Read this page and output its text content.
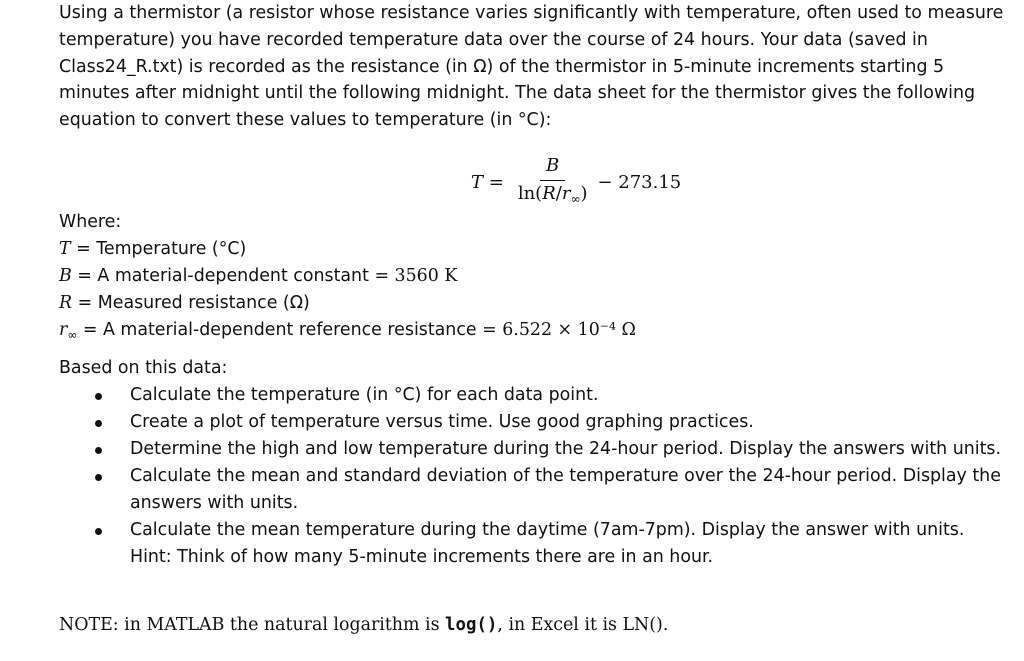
Using a thermistor (a resistor whose resistance varies significantly with temperature, often used to measure temperature) you have recorded temperature data over the course of 24 hours. Your data (saved in Class24_R.txt) is recorded as the resistance (in Ω) of the thermistor in 5-minute increments starting 5 minutes after midnight until the following midnight. The data sheet for the thermistor gives the following equation to convert these values to temperature (in °C):

$T = \frac{B}{\ln(R/r_\infty)} - 273.15$
Where:
T = Temperature (°C)
B = A material-dependent constant = 3560 K
R = Measured resistance (Ω)
$r_\infty = A$ material-dependent reference resistance = 6.522 × 10⁻⁴ Ω
Based on this data:
Calculate the temperature (in °C) for each data point.
Create a plot of temperature versus time. Use good graphing practices.
Determine the high and low temperature during the 24-hour period. Display the answers with units.
Calculate the mean and standard deviation of the temperature over the 24-hour period. Display the answers with units.
Calculate the mean temperature during the daytime (7am-7pm). Display the answer with units. Hint: Think of how many 5-minute increments there are in an hour.
NOTE: in MATLAB the natural logarithm is log(), in Excel it is LN().
